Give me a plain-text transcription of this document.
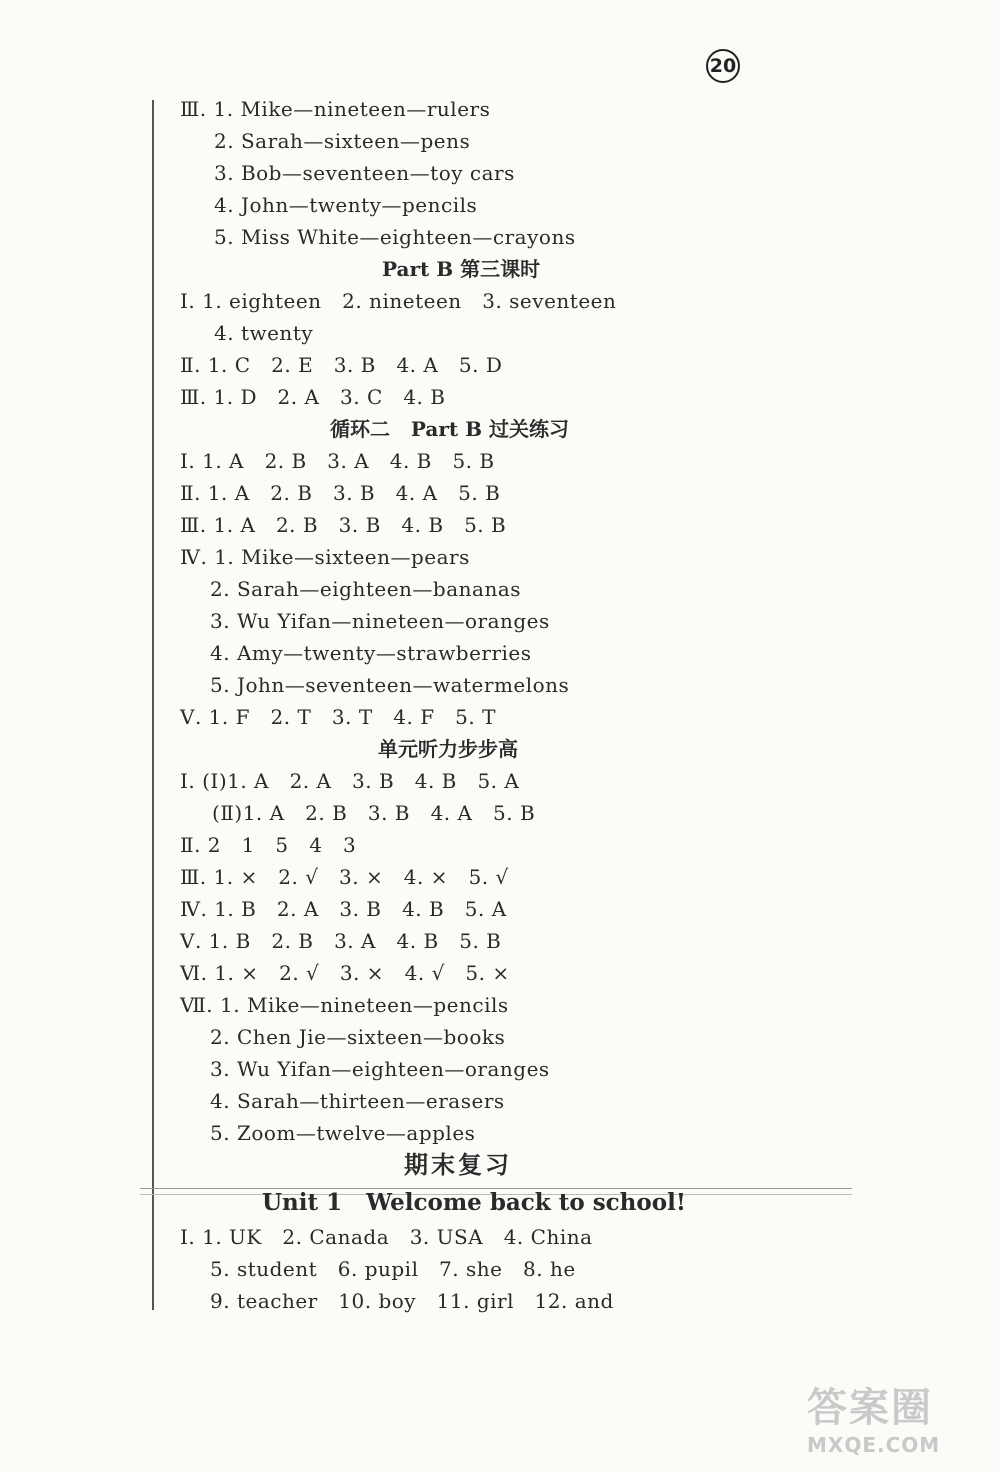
20
Ⅲ. 1. Mike—nineteen—rulers
2. Sarah—sixteen—pens
3. Bob—seventeen—toy cars
4. John—twenty—pencils
5. Miss White—eighteen—crayons
Part B 第三课时
Ⅰ. 1. eighteen   2. nineteen   3. seventeen
4. twenty
Ⅱ. 1. C   2. E   3. B   4. A   5. D
Ⅲ. 1. D   2. A   3. C   4. B
循环二   Part B 过关练习
Ⅰ. 1. A   2. B   3. A   4. B   5. B
Ⅱ. 1. A   2. B   3. B   4. A   5. B
Ⅲ. 1. A   2. B   3. B   4. B   5. B
Ⅳ. 1. Mike—sixteen—pears
2. Sarah—eighteen—bananas
3. Wu Yifan—nineteen—oranges
4. Amy—twenty—strawberries
5. John—seventeen—watermelons
Ⅴ. 1. F   2. T   3. T   4. F   5. T
单元听力步步高
Ⅰ. (Ⅰ)1. A   2. A   3. B   4. B   5. A
(Ⅱ)1. A   2. B   3. B   4. A   5. B
Ⅱ. 2   1   5   4   3
Ⅲ. 1. ×   2. √   3. ×   4. ×   5. √
Ⅳ. 1. B   2. A   3. B   4. B   5. A
Ⅴ. 1. B   2. B   3. A   4. B   5. B
Ⅵ. 1. ×   2. √   3. ×   4. √   5. ×
Ⅶ. 1. Mike—nineteen—pencils
2. Chen Jie—sixteen—books
3. Wu Yifan—eighteen—oranges
4. Sarah—thirteen—erasers
5. Zoom—twelve—apples
期末复习
Unit 1   Welcome back to school!
Ⅰ. 1. UK   2. Canada   3. USA   4. China
5. student   6. pupil   7. she   8. he
9. teacher   10. boy   11. girl   12. and
答案圈
MXQE.COM
